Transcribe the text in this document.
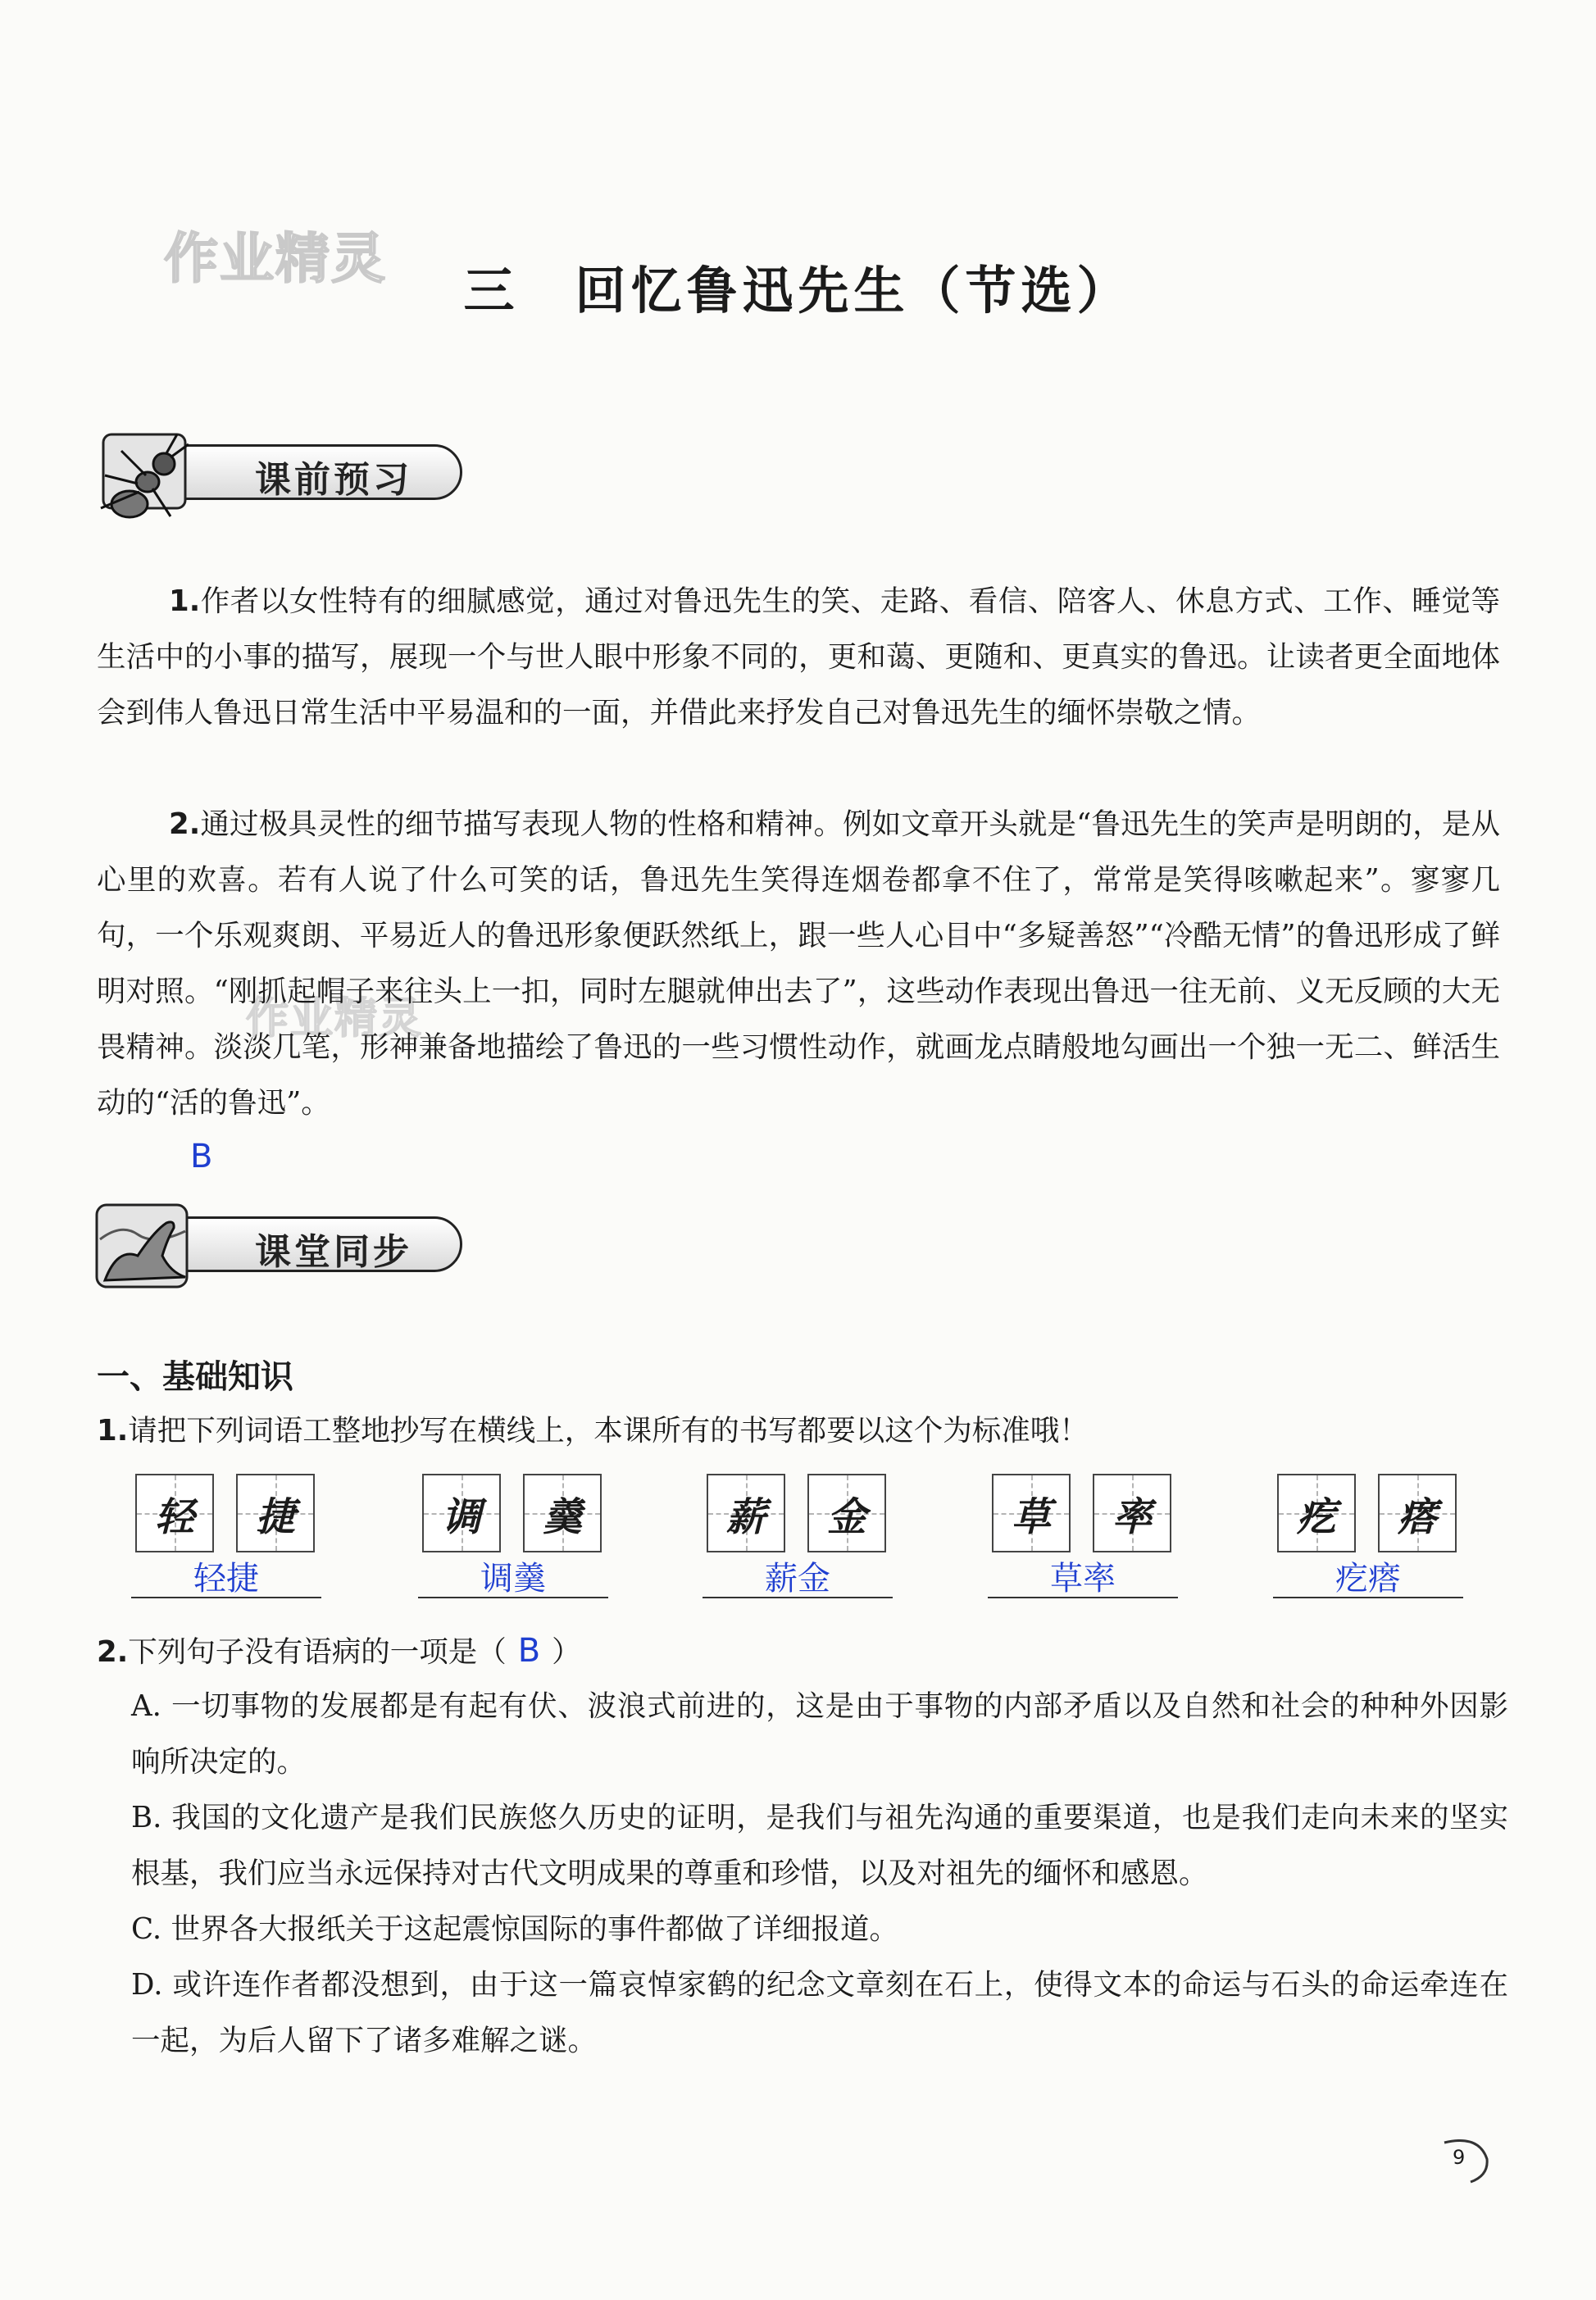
作业精灵
作业精灵
三　回忆鲁迅先生（节选）
课前预习
1.作者以女性特有的细腻感觉，通过对鲁迅先生的笑、走路、看信、陪客人、休息方式、工作、睡觉等生活中的小事的描写，展现一个与世人眼中形象不同的，更和蔼、更随和、更真实的鲁迅。让读者更全面地体会到伟人鲁迅日常生活中平易温和的一面，并借此来抒发自己对鲁迅先生的缅怀崇敬之情。
2.通过极具灵性的细节描写表现人物的性格和精神。例如文章开头就是“鲁迅先生的笑声是明朗的，是从心里的欢喜。若有人说了什么可笑的话，鲁迅先生笑得连烟卷都拿不住了，常常是笑得咳嗽起来”。寥寥几句，一个乐观爽朗、平易近人的鲁迅形象便跃然纸上，跟一些人心目中“多疑善怒”“冷酷无情”的鲁迅形成了鲜明对照。“刚抓起帽子来往头上一扣，同时左腿就伸出去了”，这些动作表现出鲁迅一往无前、义无反顾的大无畏精神。淡淡几笔，形神兼备地描绘了鲁迅的一些习惯性动作，就画龙点睛般地勾画出一个独一无二、鲜活生动的“活的鲁迅”。
B
课堂同步
一、基础知识
1.请把下列词语工整地抄写在横线上，本课所有的书写都要以这个为标准哦！
轻	捷
轻捷
调	羹
调羹
薪	金
薪金
草	率
草率
疙	瘩
疙瘩
2.下列句子没有语病的一项是（ B ）
A. 一切事物的发展都是有起有伏、波浪式前进的，这是由于事物的内部矛盾以及自然和社会的种种外因影响所决定的。
B. 我国的文化遗产是我们民族悠久历史的证明，是我们与祖先沟通的重要渠道，也是我们走向未来的坚实根基，我们应当永远保持对古代文明成果的尊重和珍惜，以及对祖先的缅怀和感恩。
C. 世界各大报纸关于这起震惊国际的事件都做了详细报道。
D. 或许连作者都没想到，由于这一篇哀悼家鹤的纪念文章刻在石上，使得文本的命运与石头的命运牵连在一起，为后人留下了诸多难解之谜。
9
